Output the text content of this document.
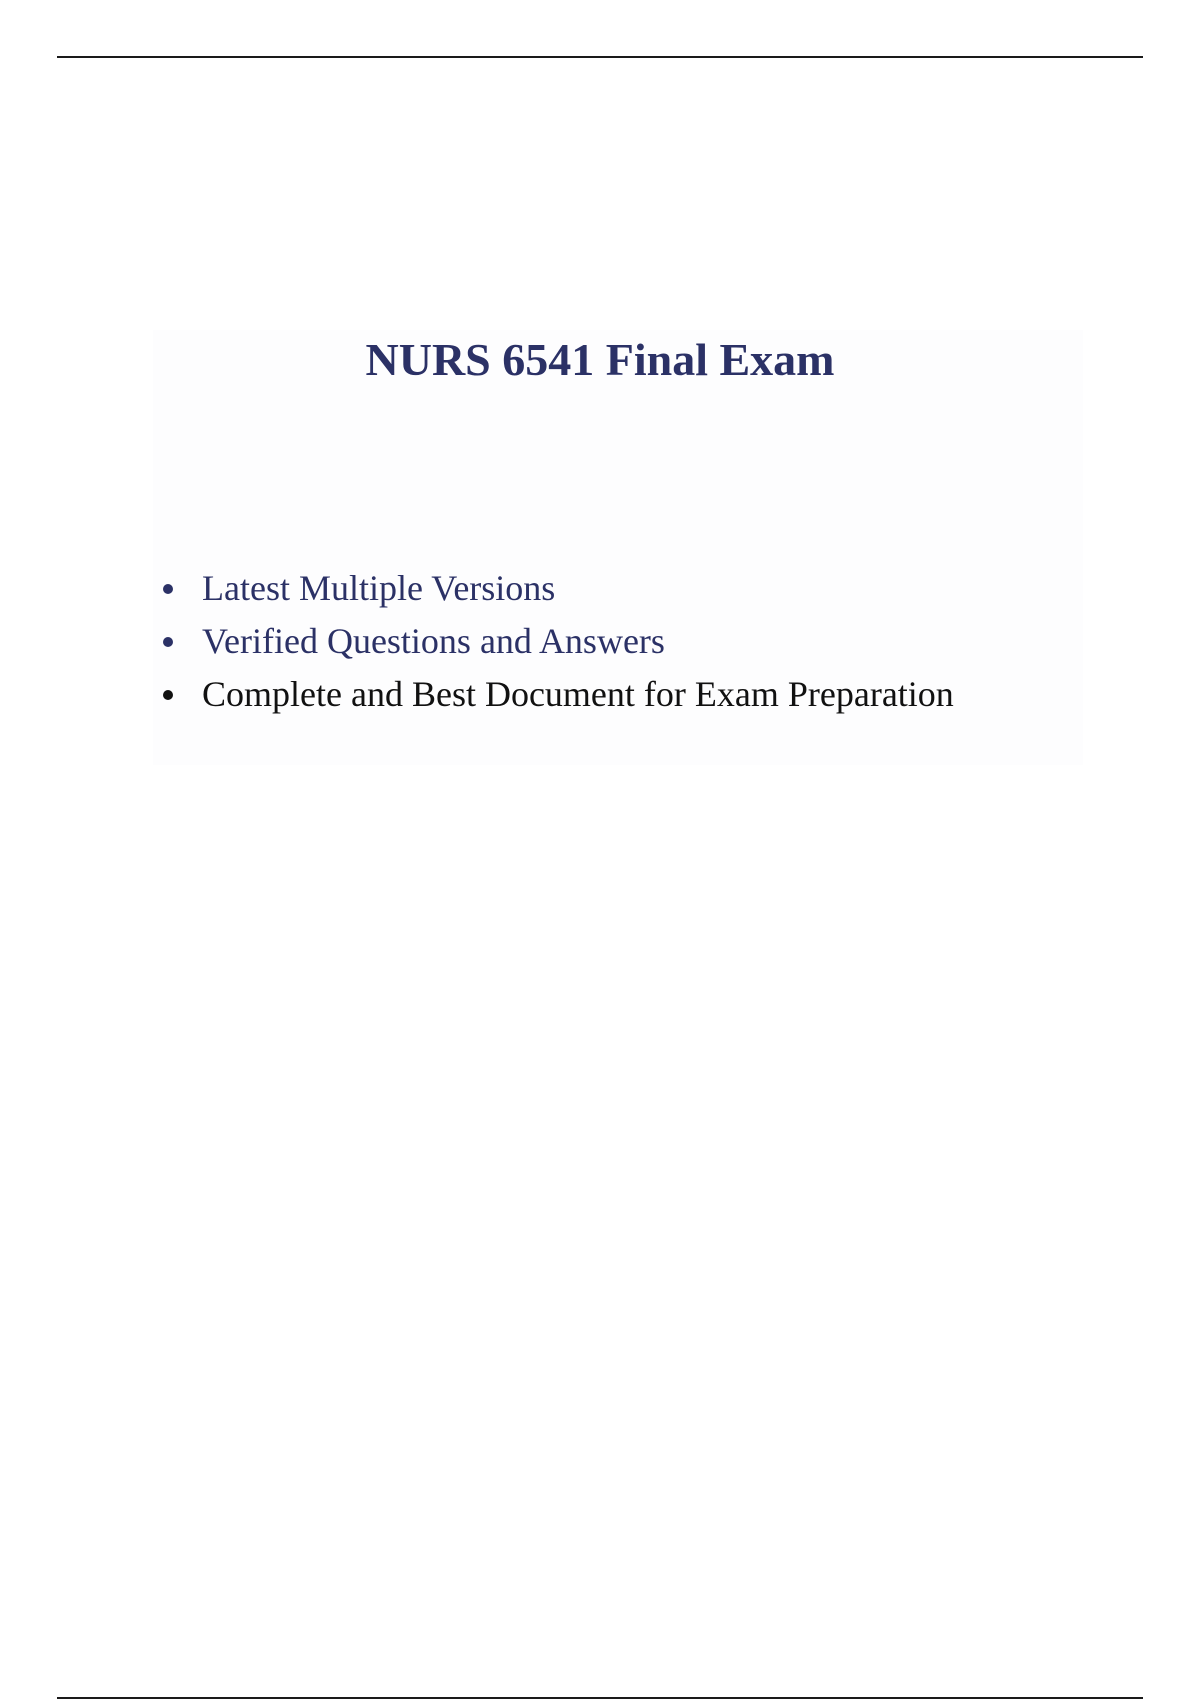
NURS 6541 Final Exam
Latest Multiple Versions
Verified Questions and Answers
Complete and Best Document for Exam Preparation
